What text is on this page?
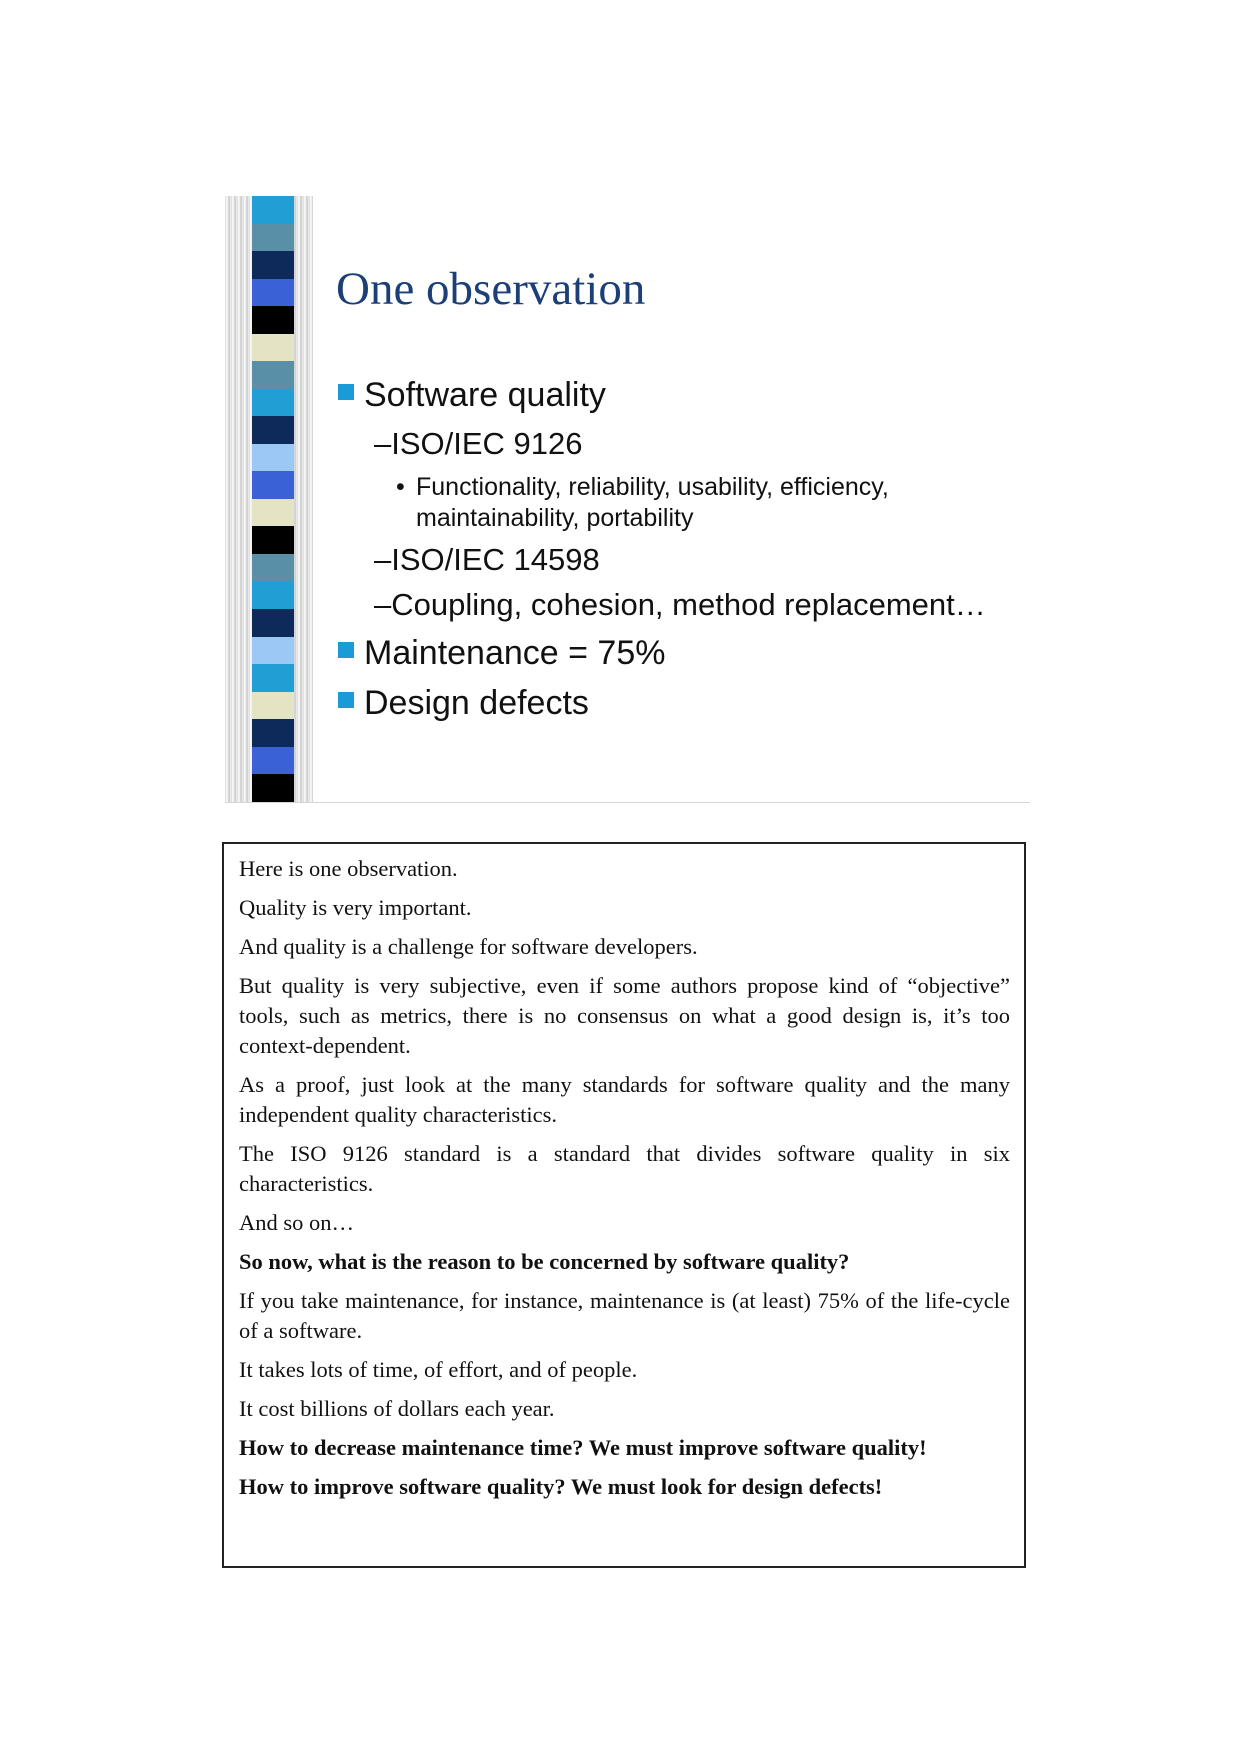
One observation
Software quality
–ISO/IEC 9126
• Functionality, reliability, usability, efficiency, maintainability, portability
–ISO/IEC 14598
–Coupling, cohesion, method replacement…
Maintenance = 75%
Design defects

Here is one observation.

Quality is very important.

And quality is a challenge for software developers.

But quality is very subjective, even if some authors propose kind of “objective” tools, such as metrics, there is no consensus on what a good design is, it’s too context-dependent.

As a proof, just look at the many standards for software quality and the many independent quality characteristics.

The ISO 9126 standard is a standard that divides software quality in six characteristics.

And so on…

So now, what is the reason to be concerned by software quality?

If you take maintenance, for instance, maintenance is (at least) 75% of the life-cycle of a software.

It takes lots of time, of effort, and of people.

It cost billions of dollars each year.

How to decrease maintenance time? We must improve software quality!

How to improve software quality? We must look for design defects!
